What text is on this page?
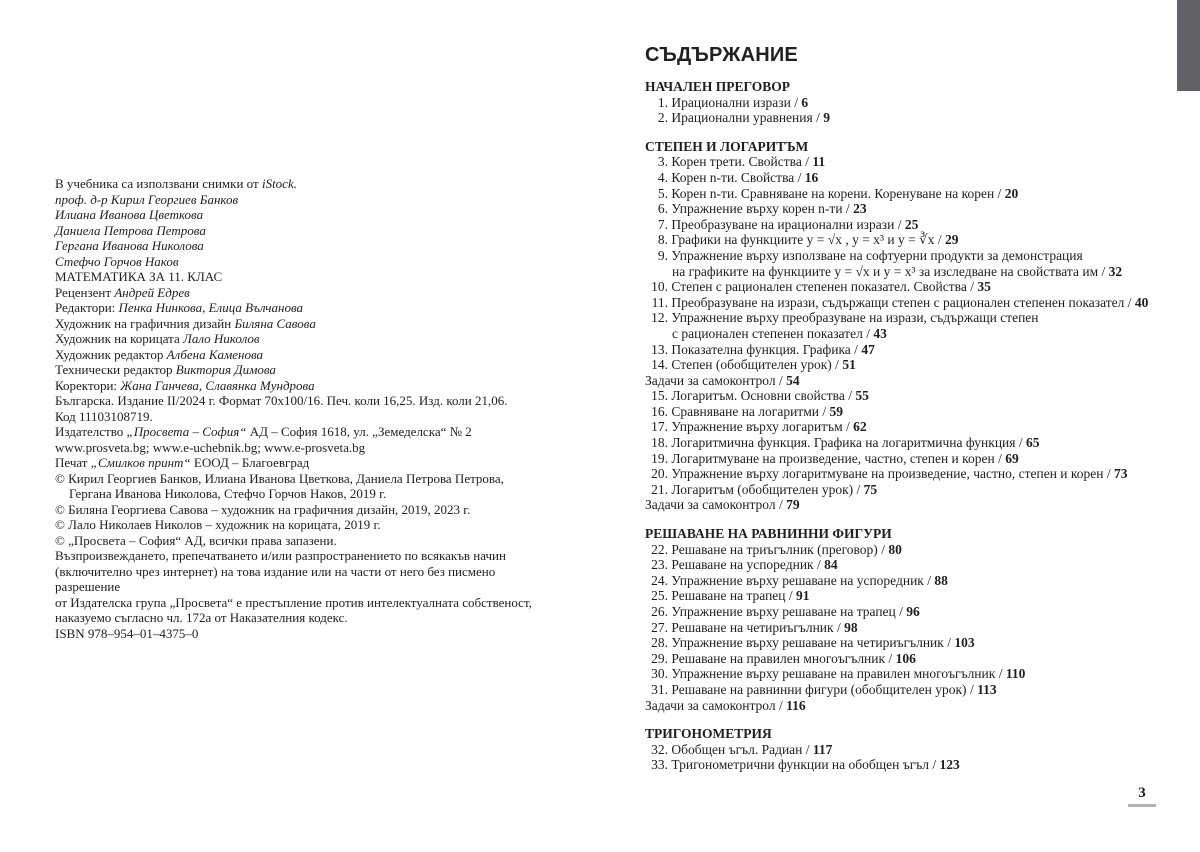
В учебника са използвани снимки от iStock.
проф. д-р Кирил Георгиев Банков
Илиана Иванова Цветкова
Даниела Петрова Петрова
Гергана Иванова Николова
Стефчо Горчов Наков
МАТЕМАТИКА ЗА 11. КЛАС
Рецензент Андрей Едрев
Редактори: Пенка Нинкова, Елица Вълчанова
Художник на графичния дизайн Биляна Савова
Художник на корицата Лало Николов
Художник редактор Албена Каменова
Технически редактор Виктория Димова
Коректори: Жана Ганчева, Славянка Мундрова
Българска. Издание II/2024 г. Формат 70х100/16. Печ. коли 16,25. Изд. коли 21,06.
Код 11103108719.
Издателство „Просвета – София“ АД – София 1618, ул. „Земеделска“ № 2
www.prosveta.bg; www.e-uchebnik.bg; www.e-prosveta.bg
Печат „Смилков принт“ ЕООД – Благоевград
© Кирил Георгиев Банков, Илиана Иванова Цветкова, Даниела Петрова Петрова,
Гергана Иванова Николова, Стефчо Горчов Наков, 2019 г.
© Биляна Георгиева Савова – художник на графичния дизайн, 2019, 2023 г.
© Лало Николаев Николов – художник на корицата, 2019 г.
© „Просвета – София“ АД, всички права запазени.
Възпроизвеждането, препечатването и/или разпространението по всякакъв начин
(включително чрез интернет) на това издание или на части от него без писмено разрешение
от Издателска група „Просвета“ е престъпление против интелектуалната собственост,
наказуемо съгласно чл. 172а от Наказателния кодекс.
ISBN 978–954–01–4375–0
СЪДЪРЖАНИЕ
НАЧАЛЕН ПРЕГОВОР
1. Ирационални изрази / 6
2. Ирационални уравнения / 9
СТЕПЕН И ЛОГАРИТЪМ
3. Корен трети. Свойства / 11
4. Корен n-ти. Свойства / 16
5. Корен n-ти. Сравняване на корени. Коренуване на корен / 20
6. Упражнение върху корен n-ти / 23
7. Преобразуване на ирационални изрази / 25
8. Графики на функциите y = √x , y = x³ и y = ∛x / 29
9. Упражнение върху използване на софтуерни продукти за демонстрация
на графиките на функциите y = √x и y = x³ за изследване на свойствата им / 32
10. Степен с рационален степенен показател. Свойства / 35
11. Преобразуване на изрази, съдържащи степен с рационален степенен показател / 40
12. Упражнение върху преобразуване на изрази, съдържащи степен
с рационален степенен показател / 43
13. Показателна функция. Графика / 47
14. Степен (обобщителен урок) / 51
Задачи за самоконтрол / 54
15. Логаритъм. Основни свойства / 55
16. Сравняване на логаритми / 59
17. Упражнение върху логаритъм / 62
18. Логаритмична функция. Графика на логаритмична функция / 65
19. Логаритмуване на произведение, частно, степен и корен / 69
20. Упражнение върху логаритмуване на произведение, частно, степен и корен / 73
21. Логаритъм (обобщителен урок) / 75
Задачи за самоконтрол / 79
РЕШАВАНЕ НА РАВНИННИ ФИГУРИ
22. Решаване на триъгълник (преговор) / 80
23. Решаване на успоредник / 84
24. Упражнение върху решаване на успоредник / 88
25. Решаване на трапец / 91
26. Упражнение върху решаване на трапец / 96
27. Решаване на четириъгълник / 98
28. Упражнение върху решаване на четириъгълник / 103
29. Решаване на правилен многоъгълник / 106
30. Упражнение върху решаване на правилен многоъгълник / 110
31. Решаване на равнинни фигури (обобщителен урок) / 113
Задачи за самоконтрол / 116
ТРИГОНОМЕТРИЯ
32. Обобщен ъгъл. Радиан / 117
33. Тригонометрични функции на обобщен ъгъл / 123
3
